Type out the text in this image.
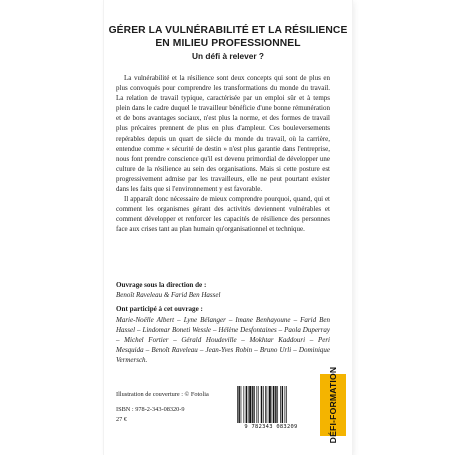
GÉRER LA VULNÉRABILITÉ ET LA RÉSILIENCE
EN MILIEU PROFESSIONNEL
Un défi à relever ?

La vulnérabilité et la résilience sont deux concepts qui sont de plus en plus convoqués pour comprendre les transformations du monde du travail. La relation de travail typique, caractérisée par un emploi sûr et à temps plein dans le cadre duquel le travailleur bénéficie d'une bonne rémunération et de bons avantages sociaux, n'est plus la norme, et des formes de travail plus précaires prennent de plus en plus d'ampleur. Ces bouleversements repérables depuis un quart de siècle du monde du travail, où la carrière, entendue comme « sécurité de destin » n'est plus garantie dans l'entreprise, nous font prendre conscience qu'il est devenu primordial de développer une culture de la résilience au sein des organisations. Mais si cette posture est progressivement admise par les travailleurs, elle ne peut pourtant exister dans les faits que si l'environnement y est favorable.

Il apparaît donc nécessaire de mieux comprendre pourquoi, quand, qui et comment les organismes gérant des activités deviennent vulnérables et comment développer et renforcer les capacités de résilience des personnes face aux crises tant au plan humain qu'organisationnel et technique.

Ouvrage sous la direction de :
Benoît Raveleau & Farid Ben Hassel
Ont participé à cet ouvrage :
Marie-Noëlle Albert – Lyne Bélanger – Imane Benhayoune – Farid Ben Hassel – Lindomar Boneti Wessle – Hélène Desfontaines – Paola Duperray – Michel Fortier – Gérald Houdeville – Mokhtar Kaddouri – Peri Mesquida – Benoît Raveleau – Jean-Yves Robin – Bruno Urli – Dominique Vermersch.
Illustration de couverture : © Fotolia
ISBN : 978-2-343-08320-9
27 €
9 782343 083209	DÉFI-FORMATION
